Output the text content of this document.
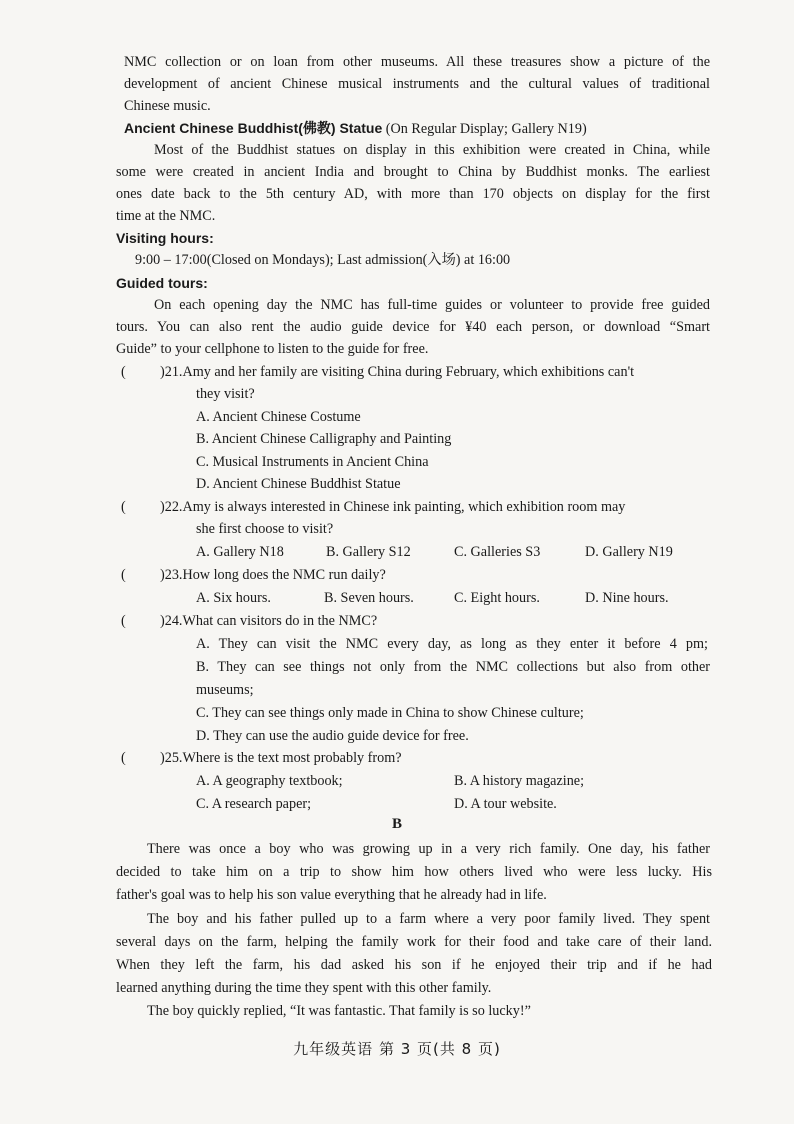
NMC collection or on loan from other museums. All these treasures show a picture of the
development of ancient Chinese musical instruments and the cultural values of traditional
Chinese music.
Ancient Chinese Buddhist(佛教) Statue (On Regular Display; Gallery N19)
Most of the Buddhist statues on display in this exhibition were created in China, while
some were created in ancient India and brought to China by Buddhist monks. The earliest
ones date back to the 5th century AD, with more than 170 objects on display for the first
time at the NMC.
Visiting hours:
9:00 – 17:00(Closed on Mondays); Last admission(入场) at 16:00
Guided tours:
On each opening day the NMC has full-time guides or volunteer to provide free guided
tours. You can also rent the audio guide device for ¥40 each person, or download “Smart
Guide” to your cellphone to listen to the guide for free.
( )21.Amy and her family are visiting China during February, which exhibitions can't
they visit?
A. Ancient Chinese Costume
B. Ancient Chinese Calligraphy and Painting
C. Musical Instruments in Ancient China
D. Ancient Chinese Buddhist Statue
( )22.Amy is always interested in Chinese ink painting, which exhibition room may
she first choose to visit?
A. Gallery N18	B. Gallery S12	C. Galleries S3	D. Gallery N19
( )23.How long does the NMC run daily?
A. Six hours.	B. Seven hours.	C. Eight hours.	D. Nine hours.
( )24.What can visitors do in the NMC?
A. They can visit the NMC every day, as long as they enter it before 4 pm;
B. They can see things not only from the NMC collections but also from other
museums;
C. They can see things only made in China to show Chinese culture;
D. They can use the audio guide device for free.
( )25.Where is the text most probably from?
A. A geography textbook;	B. A history magazine;
C. A research paper;	D. A tour website.
B
There was once a boy who was growing up in a very rich family. One day, his father
decided to take him on a trip to show him how others lived who were less lucky. His
father's goal was to help his son value everything that he already had in life.
The boy and his father pulled up to a farm where a very poor family lived. They spent
several days on the farm, helping the family work for their food and take care of their land.
When they left the farm, his dad asked his son if he enjoyed their trip and if he had
learned anything during the time they spent with this other family.
The boy quickly replied, “It was fantastic. That family is so lucky!”
九年级英语 第 3 页(共 8 页)
